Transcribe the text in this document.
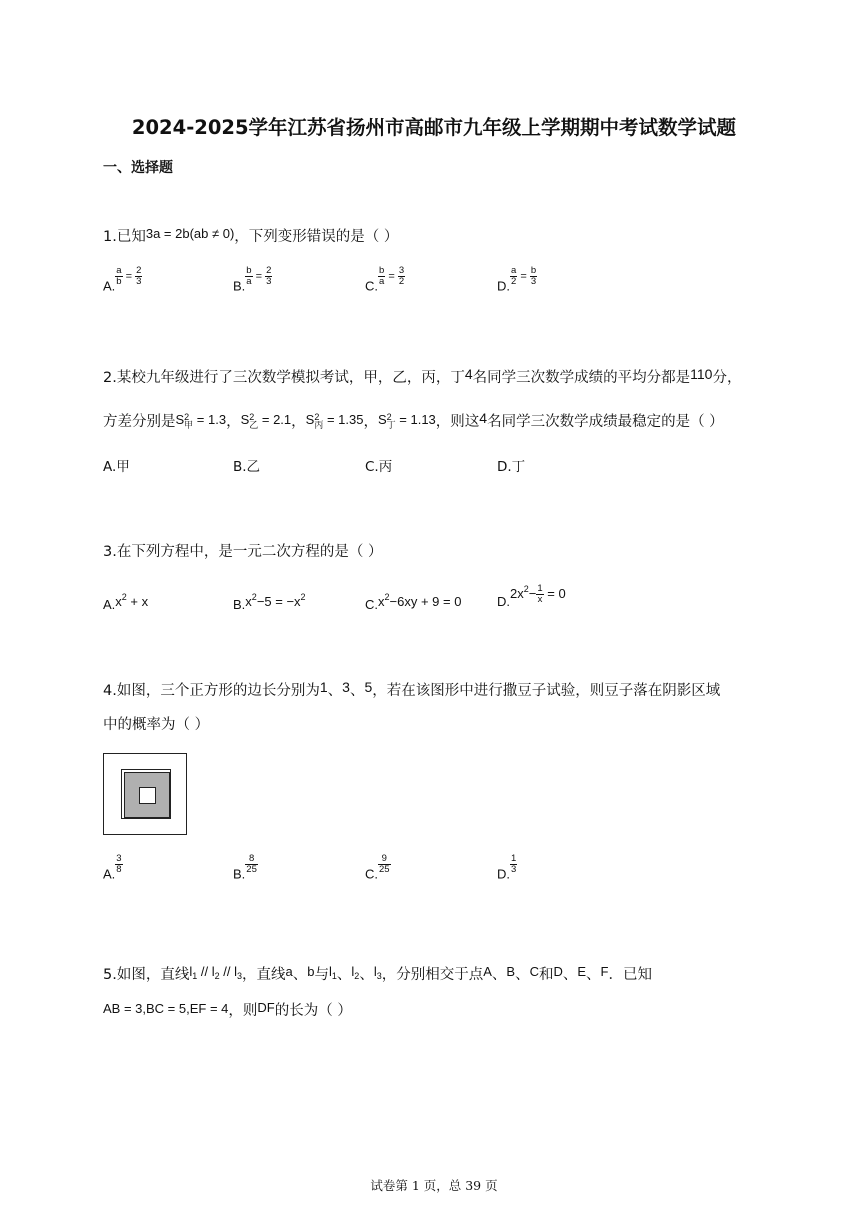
2024-2025学年江苏省扬州市高邮市九年级上学期期中考试数学试题
一、选择题
1.已知3a = 2b(ab ≠ 0)，下列变形错误的是（ ）
A. $\frac{a}{b} = \frac{2}{3}$	B. $\frac{b}{a} = \frac{2}{3}$	C. $\frac{b}{a} = \frac{3}{2}$	D. $\frac{a}{2} = \frac{b}{3}$
2.某校九年级进行了三次数学模拟考试，甲，乙，丙，丁4名同学三次数学成绩的平均分都是110分，
方差分别是S 2
甲 = 1.3，S 2
乙 = 2.1，S 2
丙 = 1.35，S 2
丁 = 1.13，则这4名同学三次数学成绩最稳定的是（ ）
A.甲	B.乙	C.丙	D.丁
3.在下列方程中，是一元二次方程的是（ ）
$A.x^2 + x$	$B.x^2-5 = -x^2$	$C.x^2-6xy + 9 = 0$	$D.2x^2- \frac{1}{x} = 0$
4.如图，三个正方形的边长分别为1、3、5，若在该图形中进行撒豆子试验，则豆子落在阴影区域
中的概率为（ ）
A. $\frac{3}{8}$	B. $\frac{8}{25}$	C. $\frac{9}{25}$	D. $\frac{1}{3}$
5.如图，直线$l_1 // l_2 // l_3$，直线a、b与$l_1$、$l_2$、$l_3$，分别相交于点A、B、C和D、E、F．已知
AB = 3,BC = 5,EF = 4，则DF的长为（ ）
试卷第 1 页，总 39 页
